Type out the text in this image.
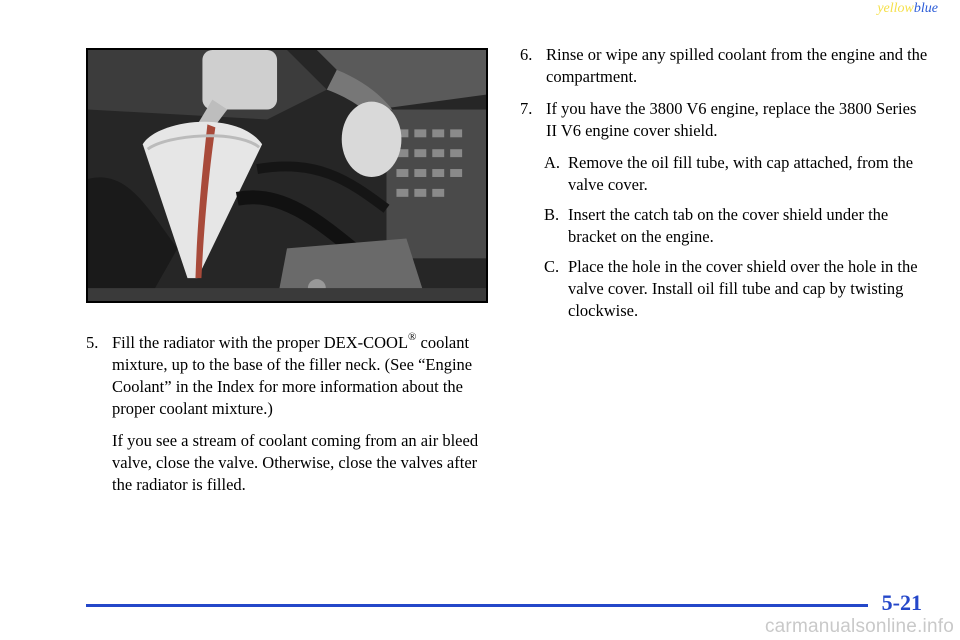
yellowblue
5. Fill the radiator with the proper DEX-COOL® coolant mixture, up to the base of the filler neck. (See “Engine Coolant” in the Index for more information about the proper coolant mixture.)
If you see a stream of coolant coming from an air bleed valve, close the valve. Otherwise, close the valves after the radiator is filled.
6. Rinse or wipe any spilled coolant from the engine and the compartment.
7. If you have the 3800 V6 engine, replace the 3800 Series II V6 engine cover shield.
A. Remove the oil fill tube, with cap attached, from the valve cover.
B. Insert the catch tab on the cover shield under the bracket on the engine.
C. Place the hole in the cover shield over the hole in the valve cover. Install oil fill tube and cap by twisting clockwise.
5-21
carmanualsonline.info
